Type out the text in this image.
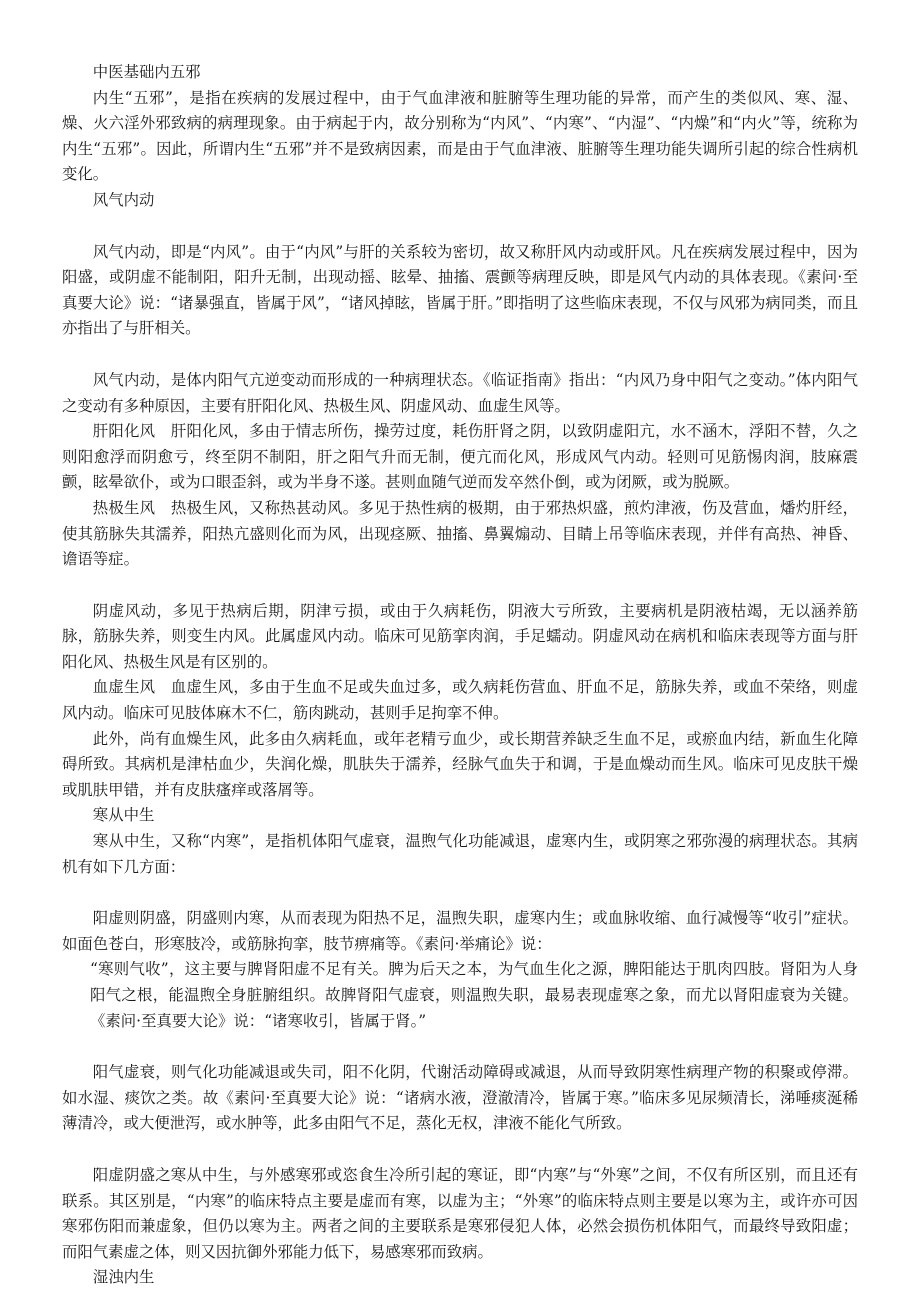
中医基础内五邪

内生“五邪”，是指在疾病的发展过程中，由于气血津液和脏腑等生理功能的异常，而产生的类似风、寒、湿、燥、火六淫外邪致病的病理现象。由于病起于内，故分别称为“内风”、“内寒”、“内湿”、“内燥”和“内火”等，统称为内生“五邪”。因此，所谓内生“五邪”并不是致病因素，而是由于气血津液、脏腑等生理功能失调所引起的综合性病机变化。

风气内动

风气内动，即是“内风”。由于“内风”与肝的关系较为密切，故又称肝风内动或肝风。凡在疾病发展过程中，因为阳盛，或阴虚不能制阳，阳升无制，出现动摇、眩晕、抽搐、震颤等病理反映，即是风气内动的具体表现。《素问·至真要大论》说：“诸暴强直，皆属于风”，“诸风掉眩，皆属于肝。”即指明了这些临床表现，不仅与风邪为病同类，而且亦指出了与肝相关。

风气内动，是体内阳气亢逆变动而形成的一种病理状态。《临证指南》指出：“内风乃身中阳气之变动。”体内阳气之变动有多种原因，主要有肝阳化风、热极生风、阴虚风动、血虚生风等。

肝阳化风　肝阳化风，多由于情志所伤，操劳过度，耗伤肝肾之阴，以致阴虚阳亢，水不涵木，浮阳不替，久之则阳愈浮而阴愈亏，终至阴不制阳，肝之阳气升而无制，便亢而化风，形成风气内动。轻则可见筋惕肉润，肢麻震颤，眩晕欲仆，或为口眼歪斜，或为半身不遂。甚则血随气逆而发卒然仆倒，或为闭厥，或为脱厥。

热极生风　热极生风，又称热甚动风。多见于热性病的极期，由于邪热炽盛，煎灼津液，伤及营血，燔灼肝经，使其筋脉失其濡养，阳热亢盛则化而为风，出现痉厥、抽搐、鼻翼煽动、目睛上吊等临床表现，并伴有高热、神昏、谵语等症。

阴虚风动，多见于热病后期，阴津亏损，或由于久病耗伤，阴液大亏所致，主要病机是阴液枯竭，无以涵养筋脉，筋脉失养，则变生内风。此属虚风内动。临床可见筋挛肉润，手足蠕动。阴虚风动在病机和临床表现等方面与肝阳化风、热极生风是有区别的。

血虚生风　血虚生风，多由于生血不足或失血过多，或久病耗伤营血、肝血不足，筋脉失养，或血不荣络，则虚风内动。临床可见肢体麻木不仁，筋肉跳动，甚则手足拘挛不伸。

此外，尚有血燥生风，此多由久病耗血，或年老精亏血少，或长期营养缺乏生血不足，或瘀血内结，新血生化障碍所致。其病机是津枯血少，失润化燥，肌肤失于濡养，经脉气血失于和调，于是血燥动而生风。临床可见皮肤干燥或肌肤甲错，并有皮肤瘙痒或落屑等。

寒从中生

寒从中生，又称“内寒”，是指机体阳气虚衰，温煦气化功能减退，虚寒内生，或阴寒之邪弥漫的病理状态。其病机有如下几方面：

阳虚则阴盛，阴盛则内寒，从而表现为阳热不足，温煦失职，虚寒内生；或血脉收缩、血行减慢等“收引”症状。如面色苍白，形寒肢冷，或筋脉拘挛，肢节痹痛等。《素问·举痛论》说：

“寒则气收”，这主要与脾肾阳虚不足有关。脾为后天之本，为气血生化之源，脾阳能达于肌肉四肢。肾阳为人身阳气之根，能温煦全身脏腑组织。故脾肾阳气虚衰，则温煦失职，最易表现虚寒之象，而尤以肾阳虚衰为关键。《素问·至真要大论》说：“诸寒收引，皆属于肾。”

阳气虚衰，则气化功能减退或失司，阳不化阴，代谢活动障碍或减退，从而导致阴寒性病理产物的积聚或停滞。如水湿、痰饮之类。故《素问·至真要大论》说：“诸病水液，澄澈清冷，皆属于寒。”临床多见尿频清长，涕唾痰涎稀薄清冷，或大便泄泻，或水肿等，此多由阳气不足，蒸化无权，津液不能化气所致。

阳虚阴盛之寒从中生，与外感寒邪或恣食生冷所引起的寒证，即“内寒”与“外寒”之间，不仅有所区别，而且还有联系。其区别是，“内寒”的临床特点主要是虚而有寒，以虚为主；“外寒”的临床特点则主要是以寒为主，或许亦可因寒邪伤阳而兼虚象，但仍以寒为主。两者之间的主要联系是寒邪侵犯人体，必然会损伤机体阳气，而最终导致阳虚；而阳气素虚之体，则又因抗御外邪能力低下，易感寒邪而致病。

湿浊内生
